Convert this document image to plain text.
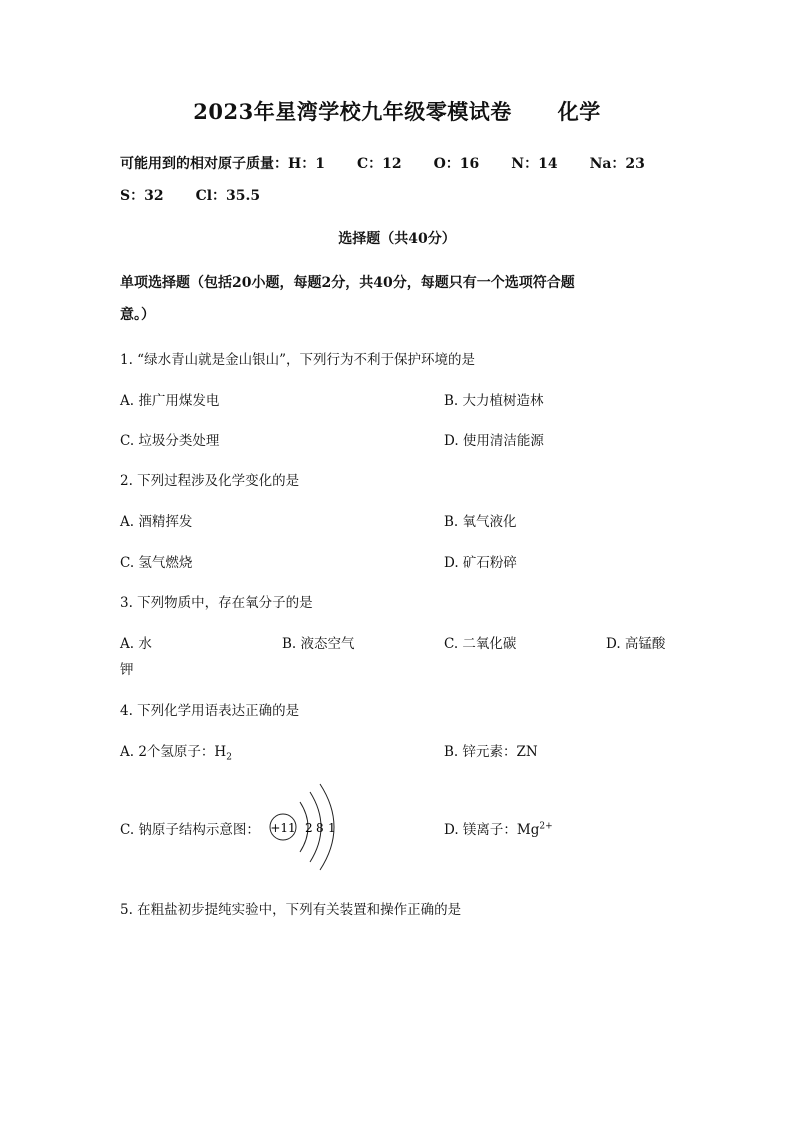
2023年星湾学校九年级零模试卷 化学
可能用到的相对原子质量：H：1 C：12 O：16 N：14 Na：23
S：32 Cl：35.5
选择题（共40分）
单项选择题（包括20小题，每题2分，共40分，每题只有一个选项符合题
意。）
1. “绿水青山就是金山银山”，下列行为不利于保护环境的是
A. 推广用煤发电	B. 大力植树造林
C. 垃圾分类处理	D. 使用清洁能源
2. 下列过程涉及化学变化的是
A. 酒精挥发	B. 氧气液化
C. 氢气燃烧	D. 矿石粉碎
3. 下列物质中，存在氧分子的是
A. 水	B. 液态空气	C. 二氧化碳	D. 高锰酸
钾
4. 下列化学用语表达正确的是
A. 2个氢原子：$H_2$	B. 锌元素：ZN
C. 钠原子结构示意图： +11 2 8 1	D. 镁离子：$Mg^{2+}$
5. 在粗盐初步提纯实验中，下列有关装置和操作正确的是
